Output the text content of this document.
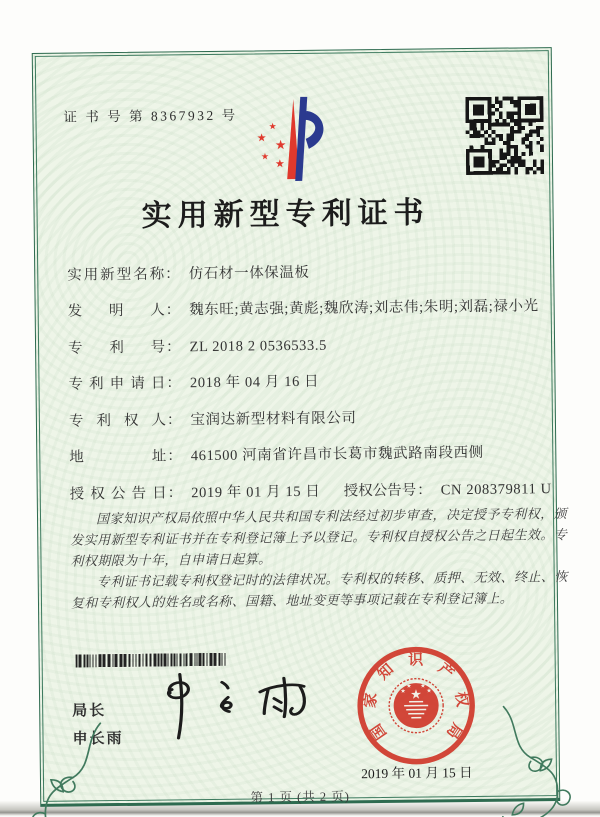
证 书 号 第 8367932 号
★
★
★
★ ★
实用新型专利证书
实用新型名称： 仿石材一体保温板
发明人： 魏东旺;黄志强;黄彪;魏欣涛;刘志伟;朱明;刘磊;禄小光
专利号： ZL 2018 2 0536533.5
专利申请日： 2018 年 04 月 16 日
专利权人： 宝润达新型材料有限公司
地址： 461500 河南省许昌市长葛市魏武路南段西侧
授权公告日： 2019 年 01 月 15 日 授权公告号： CN 208379811 U

国家知识产权局依照中华人民共和国专利法经过初步审查，决定授予专利权，颁发实用新型专利证书并在专利登记簿上予以登记。专利权自授权公告之日起生效。专利权期限为十年，自申请日起算。

专利证书记载专利权登记时的法律状况。专利权的转移、质押、无效、终止、恢复和专利权人的姓名或名称、国籍、地址变更等事项记载在专利登记簿上。

局长
申长雨
2019 年 01 月 15 日
★
★
★ ★
★
国
家
知
识 产
权
局
第 1 页 (共 2 页)
